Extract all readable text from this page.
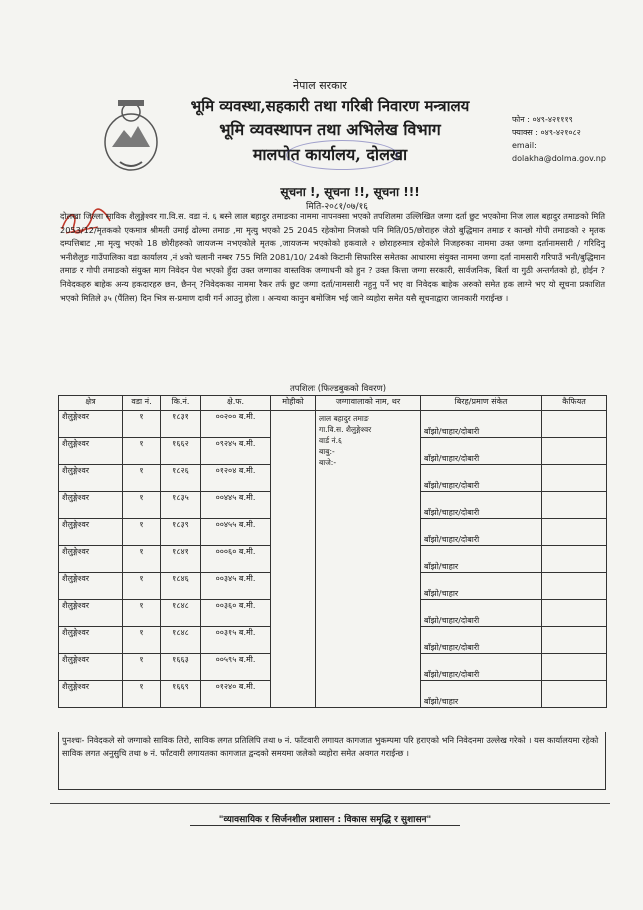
नेपाल सरकार
भूमि व्यवस्था,सहकारी तथा गरिबी निवारण मन्त्रालय
भूमि व्यवस्थापन तथा अभिलेख विभाग
मालपोत कार्यालय, दोलखा
फोन : ०४९-४२१११९
फ्याक्स : ०४९-४२१०८२
email:
dolakha@dolma.gov.np
सूचना !, सूचना !!, सूचना !!!
मिति-२०८१/०७/१६
दोलखा जिल्ला साविक शैलुङ्गेश्वर गा.वि.स. वडा नं. ६ बस्ने लाल बहादुर तमाङका नाममा नापनक्सा भएको तपशिलमा उल्लिखित जग्गा दर्ता छुट भएकोमा निज लाल बहादुर तमाङको मिति 2053/12/मृतकको एकमात्र श्रीमती उमाई ढोल्मा तमाङ ,मा मृत्यु भएको 25 2045 रहेकोमा निजको पनि मिति/05/छोराहरु जेठो बुद्धिमान तमाङ र कान्छो गोपी तमाङको २ मृतक दम्पत्तिबाट ,मा मृत्यु भएको 18 छोरीहरुको जायजन्म नभएकोले मृतक ,जायजन्म भएकोको हकवाले २ छोराहरुमात्र रहेकोले निजहरुका नाममा उक्त जग्गा दर्तानामसारी / गरिदिनु भनीशैलुङ गाउँपालिका वडा कार्यालय ,नं ४को चलानी नम्बर 755 मिति 2081/10/ 24को किटानी सिफारिस समेतका आधारमा संयुक्त नाममा जग्गा दर्ता नामसारी गरिपाउँ भनी/बुद्धिमान तमाङ र गोपी तमाङको संयुक्त माग निवेदन पेश भएको हुँदा उक्त जग्गाका वास्तविक जग्गाधनी को हुन ? उक्त कित्ता जग्गा सरकारी, सार्वजनिक, बिर्ता वा गुठी अन्तर्गतको हो, होईन ?निवेदकहरु बाहेक अन्य हकदारहरु छन, छैनन् ?निवेदकका नाममा रैकर तर्फ छुट जग्गा दर्ता/नामसारी नहुनु पर्ने भए वा निवेदक बाहेक अरुको समेत हक लाग्ने भए यो सूचना प्रकाशित भएको मितिले ३५ (पैंतिस) दिन भित्र स-प्रमाण दावी गर्न आउनु होला । अन्यथा कानुन बमोजिम भई जाने व्यहोरा समेत यसै सूचनाद्वारा जानकारी गराईन्छ ।
तपशिलः (फिल्डबुकको विवरण)
क्षेत्र	वडा नं.	कि.नं.	क्षे.फ.	मोहीको	जग्गावालाको नाम, थर	बिरह/प्रमाण संकेत	कैफियत
शैलुङ्गेश्वर	१	१८३१	००२०० ब.मी.		लाल बहादुर तमाङ
गा.वि.स. शैलुङ्गेश्वर
वार्ड नं.६
बाबु:-
बाजे:-	बाँझो/चाहार/दोबारी	
शैलुङ्गेश्वर	१	१६६२	०९२४५ ब.मी.			बाँझो/चाहार/दोबारी	
शैलुङ्गेश्वर	१	१८२६	०१२०४ ब.मी.			बाँझो/चाहार/दोबारी	
शैलुङ्गेश्वर	१	१८३५	००४४५ ब.मी.			बाँझो/चाहार/दोबारी	
शैलुङ्गेश्वर	१	१८३९	००४५५ ब.मी.			बाँझो/चाहार/दोबारी	
शैलुङ्गेश्वर	१	१८४१	०००६० ब.मी.			बाँझो/चाहार	
शैलुङ्गेश्वर	१	१८४६	००३४५ ब.मी.			बाँझो/चाहार	
शैलुङ्गेश्वर	१	१८४८	००३६० ब.मी.			बाँझो/चाहार/दोबारी	
शैलुङ्गेश्वर	१	१८४८	००३१५ ब.मी.			बाँझो/चाहार/दोबारी	
शैलुङ्गेश्वर	१	१६६३	००५९५ ब.मी.			बाँझो/चाहार/दोबारी	
शैलुङ्गेश्वर	१	१६६९	०१२४० ब.मी.			बाँझो/चाहार	
पुनश्चः- निवेदकले सो जग्गाको साविक तिरो, साविक लगत प्रतिलिपि तथा ७ नं. फाँटवारी लगायत कागजात भुकम्पमा परि हराएको भनि निवेदनमा उल्लेख गरेको । यस कार्यालयमा रहेको साविक लगत अनुसुचि तथा ७ नं. फाँटवारी लगायतका कागजात द्वन्दको समयमा जलेको व्यहोरा समेत अवगत गराईन्छ ।
"व्यावसायिक र सिर्जनशील प्रशासन : विकास समृद्धि र सुशासन"
